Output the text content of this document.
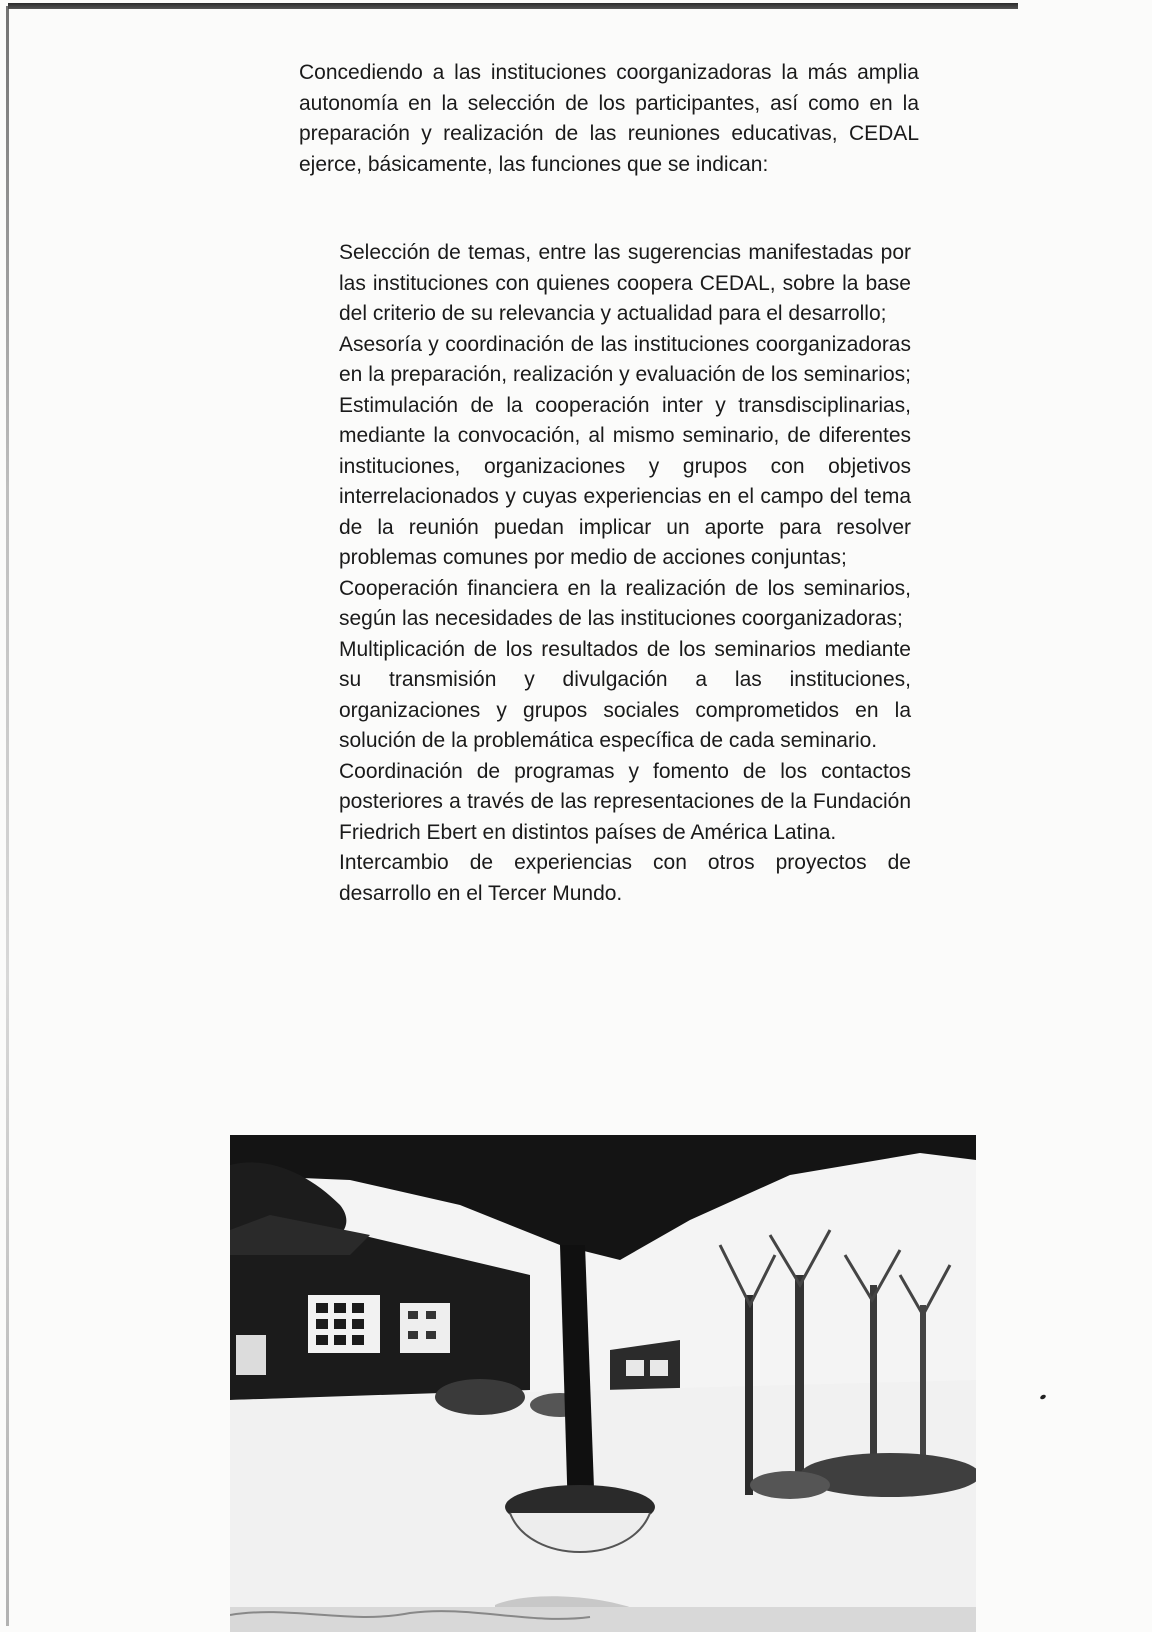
Concediendo a las instituciones coorganizadoras la más amplia autonomía en la selección de los participantes, así como en la preparación y realización de las reuniones educativas, CEDAL ejerce, básicamente, las funciones que se indican:

Selección de temas, entre las sugerencias manifestadas por las instituciones con quienes coopera CEDAL, sobre la base del criterio de su relevancia y actualidad para el desarrollo;
Asesoría y coordinación de las instituciones coorganizadoras en la preparación, realización y evaluación de los seminarios;
Estimulación de la cooperación inter y transdisciplinarias, mediante la convocación, al mismo seminario, de diferentes instituciones, organizaciones y grupos con objetivos interrelacionados y cuyas experiencias en el campo del tema de la reunión puedan implicar un aporte para resolver problemas comunes por medio de acciones conjuntas;
Cooperación financiera en la realización de los seminarios, según las necesidades de las instituciones coorganizadoras;
Multiplicación de los resultados de los seminarios mediante su transmisión y divulgación a las instituciones, organizaciones y grupos sociales comprometidos en la solución de la problemática específica de cada seminario.
Coordinación de programas y fomento de los contactos posteriores a través de las representaciones de la Fundación Friedrich Ebert en distintos países de América Latina.
Intercambio de experiencias con otros proyectos de desarrollo en el Tercer Mundo.
